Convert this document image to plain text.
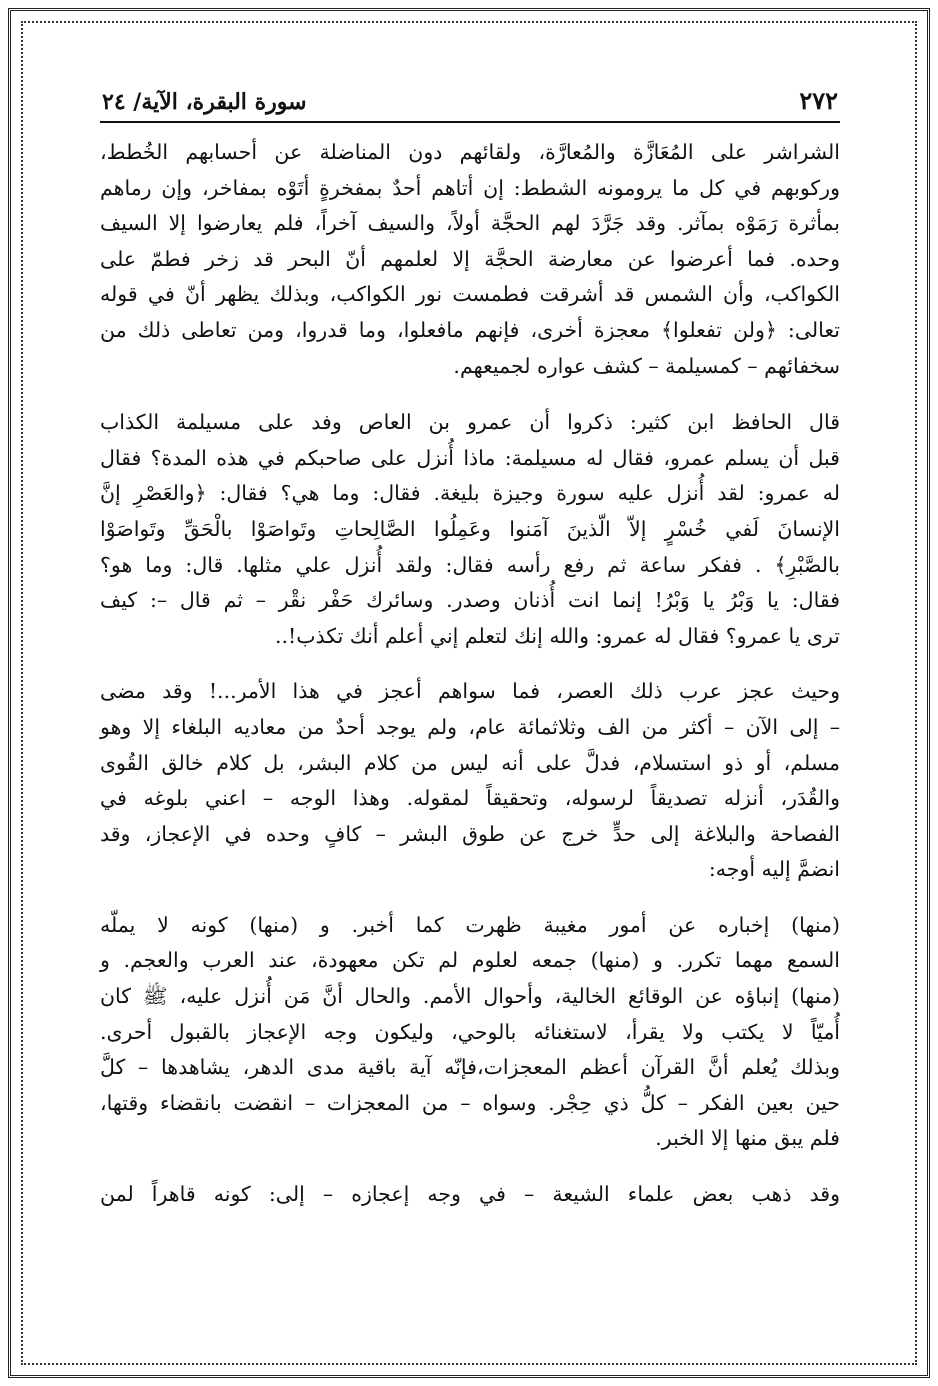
٢٧٢
سورة البقرة، الآية/ ٢٤

الشراشر على المُعَازَّة والمُعارَّة، ولقائهم دون المناضلة عن أحسابهم الخُطط،

وركوبهم في كل ما يرومونه الشطط: إن أتاهم أحدٌ بمفخرةٍ أتَوْه بمفاخر، وإن رماهم

بمأثرة رَمَوْه بمآثر. وقد جَرَّدَ لهم الحجَّة أولاً، والسيف آخراً، فلم يعارضوا إلا السيف

وحده. فما أعرضوا عن معارضة الحجَّة إلا لعلمهم أنّ البحر قد زخر فطمّ على

الكواكب، وأن الشمس قد أشرقت فطمست نور الكواكب، وبذلك يظهر أنّ في قوله

تعالى: ﴿ولن تفعلوا﴾ معجزة أخرى، فإنهم مافعلوا، وما قدروا، ومن تعاطى ذلك من

سخفائهم – كمسيلمة – كشف عواره لجميعهم.

قال الحافظ ابن كثير: ذكروا أن عمرو بن العاص وفد على مسيلمة الكذاب

قبل أن يسلم عمرو، فقال له مسيلمة: ماذا أُنزل على صاحبكم في هذه المدة؟ فقال

له عمرو: لقد أُنزل عليه سورة وجيزة بليغة. فقال: وما هي؟ فقال: ﴿والعَصْرِ إنَّ

الإنسانَ لَفي خُسْرٍ إلاّ الّذينَ آمَنوا وعَمِلُوا الصَّالِحاتِ وتَواصَوْا بالْحَقِّ وتَواصَوْا

بالصَّبْرِ﴾ . ففكر ساعة ثم رفع رأسه فقال: ولقد أُنزل علي مثلها. قال: وما هو؟

فقال: يا وَبْرُ يا وَبْرُ! إنما انت أُذنان وصدر. وسائرك حَفْر نقْر – ثم قال –: كيف

ترى يا عمرو؟ فقال له عمرو: والله إنك لتعلم إني أعلم أنك تكذب!..

وحيث عجز عرب ذلك العصر، فما سواهم أعجز في هذا الأمر...! وقد مضى

– إلى الآن – أكثر من الف وثلاثمائة عام، ولم يوجد أحدٌ من معاديه البلغاء إلا وهو

مسلم، أو ذو استسلام، فدلَّ على أنه ليس من كلام البشر، بل كلام خالق القُوى

والقُدَر، أنزله تصديقاً لرسوله، وتحقيقاً لمقوله. وهذا الوجه – اعني بلوغه في

الفصاحة والبلاغة إلى حدٍّ خرج عن طوق البشر – كافٍ وحده في الإعجاز، وقد

انضمَّ إليه أوجه:

(منها) إخباره عن أمور مغيبة ظهرت كما أخبر. و (منها) كونه لا يملّه

السمع مهما تكرر. و (منها) جمعه لعلوم لم تكن معهودة، عند العرب والعجم. و

(منها) إنباؤه عن الوقائع الخالية، وأحوال الأمم. والحال أنَّ مَن أُنزل عليه، ﷺ كان

أُميّاً لا يكتب ولا يقرأ، لاستغنائه بالوحي، وليكون وجه الإعجاز بالقبول أحرى.

وبذلك يُعلم أنَّ القرآن أعظم المعجزات،فإنّه آية باقية مدى الدهر، يشاهدها – كلَّ

حين بعين الفكر – كلُّ ذي حِجْر. وسواه – من المعجزات – انقضت بانقضاء وقتها،

فلم يبق منها إلا الخبر.

وقد ذهب بعض علماء الشيعة – في وجه إعجازه – إلى: كونه قاهراً لمن
